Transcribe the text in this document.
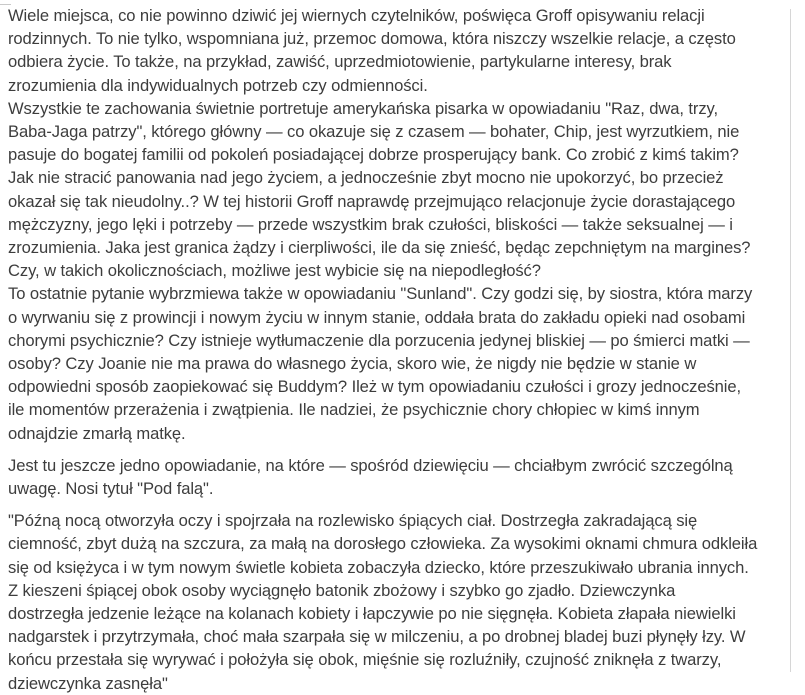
Wiele miejsca, co nie powinno dziwić jej wiernych czytelników, poświęca Groff opisywaniu relacji
rodzinnych. To nie tylko, wspomniana już, przemoc domowa, która niszczy wszelkie relacje, a często
odbiera życie. To także, na przykład, zawiść, uprzedmiotowienie, partykularne interesy, brak
zrozumienia dla indywidualnych potrzeb czy odmienności.
Wszystkie te zachowania świetnie portretuje amerykańska pisarka w opowiadaniu "Raz, dwa, trzy,
Baba-Jaga patrzy", którego główny — co okazuje się z czasem — bohater, Chip, jest wyrzutkiem, nie
pasuje do bogatej familii od pokoleń posiadającej dobrze prosperujący bank. Co zrobić z kimś takim?
Jak nie stracić panowania nad jego życiem, a jednocześnie zbyt mocno nie upokorzyć, bo przecież
okazał się tak nieudolny..? W tej historii Groff naprawdę przejmująco relacjonuje życie dorastającego
mężczyzny, jego lęki i potrzeby — przede wszystkim brak czułości, bliskości — także seksualnej — i
zrozumienia. Jaka jest granica żądzy i cierpliwości, ile da się znieść, będąc zepchniętym na margines?
Czy, w takich okolicznościach, możliwe jest wybicie się na niepodległość?
To ostatnie pytanie wybrzmiewa także w opowiadaniu "Sunland". Czy godzi się, by siostra, która marzy
o wyrwaniu się z prowincji i nowym życiu w innym stanie, oddała brata do zakładu opieki nad osobami
chorymi psychicznie? Czy istnieje wytłumaczenie dla porzucenia jedynej bliskiej — po śmierci matki —
osoby? Czy Joanie nie ma prawa do własnego życia, skoro wie, że nigdy nie będzie w stanie w
odpowiedni sposób zaopiekować się Buddym? Ileż w tym opowiadaniu czułości i grozy jednocześnie,
ile momentów przerażenia i zwątpienia. Ile nadziei, że psychicznie chory chłopiec w kimś innym
odnajdzie zmarłą matkę.
Jest tu jeszcze jedno opowiadanie, na które — spośród dziewięciu — chciałbym zwrócić szczególną
uwagę. Nosi tytuł "Pod falą".
"Późną nocą otworzyła oczy i spojrzała na rozlewisko śpiących ciał. Dostrzegła zakradającą się
ciemność, zbyt dużą na szczura, za małą na dorosłego człowieka. Za wysokimi oknami chmura odkleiła
się od księżyca i w tym nowym świetle kobieta zobaczyła dziecko, które przeszukiwało ubrania innych.
Z kieszeni śpiącej obok osoby wyciągnęło batonik zbożowy i szybko go zjadło. Dziewczynka
dostrzegła jedzenie leżące na kolanach kobiety i łapczywie po nie sięgnęła. Kobieta złapała niewielki
nadgarstek i przytrzymała, choć mała szarpała się w milczeniu, a po drobnej bladej buzi płynęły łzy. W
końcu przestała się wyrywać i położyła się obok, mięśnie się rozluźniły, czujność zniknęła z twarzy,
dziewczynka zasnęła"
